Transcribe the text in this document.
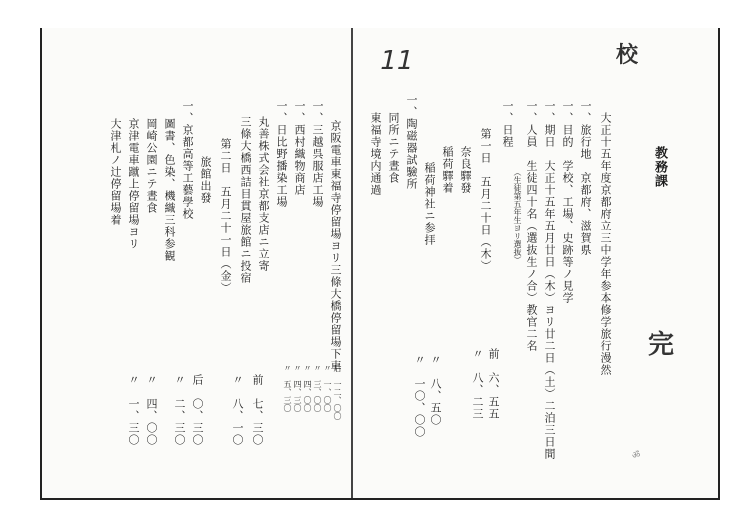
11	校
教務課
大正十五年度京都府立三中学年参本修学旅行漫然
一、旅行地　京都府、滋賀県
一、目的　学校、工場、史跡等ノ見学
一、期日　大正十五年五月廿日（木）ヨリ廿二日（土）二泊三日間
一、人員　生徒四十名（選抜生ノ合）教官二名
（生徒第五年生ヨリ選抜）
一、日程
第一日　五月二十日（木）
奈良驛發
稲荷驛着
稲荷神社ニ参拝
一、陶磁器試驗所
同所ニテ晝食
東福寺境内通過
前　六、五五
〃　八、二三
〃　八、五〇
〃　一〇、〇〇
完
京阪電車東福寺停留場ヨリ三條大橋停留場下車
一、三越呉服店工場
一、西村織物商店
一、日比野播染工場
丸善株式会社京都支店ニ立寄
三條大橋西詰目貫屋旅館ニ投宿
第二日　五月二十一日（金）
旅館出發
一、京都高等工藝學校
圖書、色染、機織三科参観
岡崎公園ニテ晝食
京津電車蹴上停留場ヨリ
大津札ノ辻停留場着
后　一二、〇〇
〃　一、〇〇
〃　三、〇〇
〃　四、〇〇
〃　四、三〇
〃　五、三〇
前　七、三〇
〃　八、一〇
后　〇、三〇
〃　二、三〇
〃　四、〇〇
〃　一、三〇
ॐ
